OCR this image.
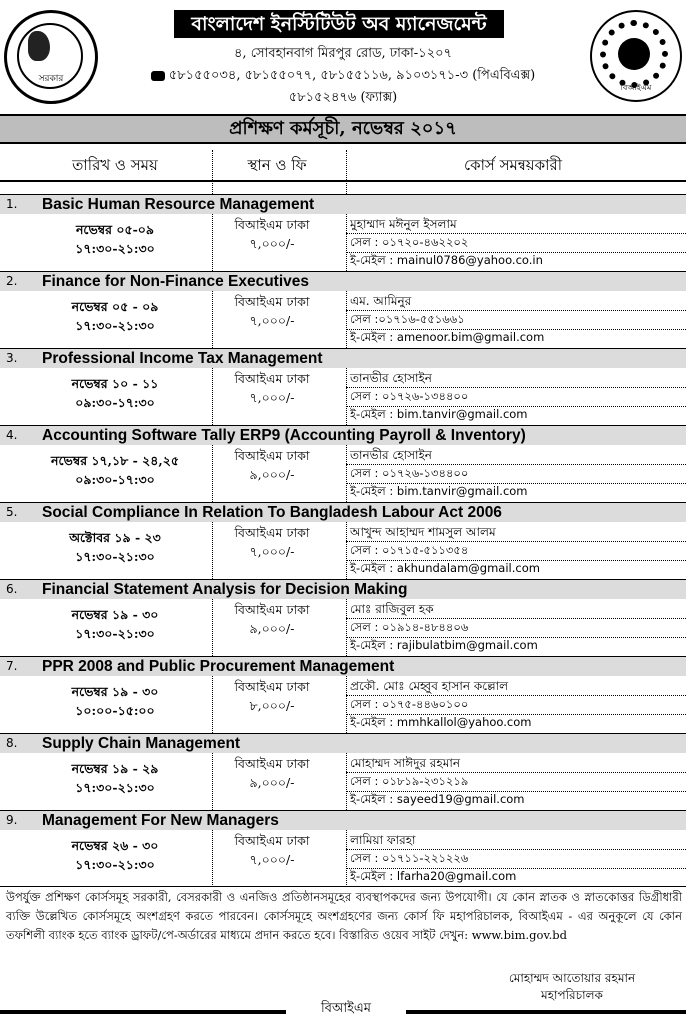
সরকার
বাংলাদেশ ইনস্টিটিউট অব ম্যানেজমেন্ট
৪, সোবহানবাগ মিরপুর রোড, ঢাকা-১২০৭
৫৮১৫৫০৩৪, ৫৮১৫৫০৭৭, ৫৮১৫৫১১৬, ৯১০৩১৭১-৩ (পিএবিএক্স)
৫৮১৫২৪৭৬ (ফ্যাক্স)
বিআইএম
প্রশিক্ষণ কর্মসূচী, নভেম্বর ২০১৭
তারিখ ও সময়	স্থান ও ফি	কোর্স সমন্বয়কারী
1. Basic Human Resource Management
নভেম্বর ০৫-০৯
১৭:৩০-২১:৩০
বিআইএম ঢাকা
৭,০০০/-
মুহাম্মাদ মঈনুল ইসলাম
সেল : ০১৭২০-৪৬২২০২
ই-মেইল : mainul0786@yahoo.co.in
2. Finance for Non-Finance Executives
নভেম্বর ০৫ - ০৯
১৭:৩০-২১:৩০
বিআইএম ঢাকা
৭,০০০/-
এম. আমিনুর
সেল :০১৭১৬-৫৫১৬৬১
ই-মেইল : amenoor.bim@gmail.com
3. Professional Income Tax Management
নভেম্বর ১০ - ১১
০৯:৩০-১৭:৩০
বিআইএম ঢাকা
৭,০০০/-
তানভীর হোসাইন
সেল : ০১৭২৬-১৩৪৪০০
ই-মেইল : bim.tanvir@gmail.com
4. Accounting Software Tally ERP9 (Accounting Payroll & Inventory)
নভেম্বর ১৭,১৮ - ২৪,২৫
০৯:৩০-১৭:৩০
বিআইএম ঢাকা
৯,০০০/-
তানভীর হোসাইন
সেল : ০১৭২৬-১৩৪৪০০
ই-মেইল : bim.tanvir@gmail.com
5. Social Compliance In Relation To Bangladesh Labour Act 2006
অক্টোবর ১৯ - ২৩
১৭:৩০-২১:৩০
বিআইএম ঢাকা
৭,০০০/-
আখুন্দ আহাম্মদ শামসুল আলম
সেল : ০১৭১৫-৫১১৩৫৪
ই-মেইল : akhundalam@gmail.com
6. Financial Statement Analysis for Decision Making
নভেম্বর ১৯ - ৩০
১৭:৩০-২১:৩০
বিআইএম ঢাকা
৯,০০০/-
মোঃ রাজিবুল হক
সেল : ০১৯১৪-৪৮৪৪০৬
ই-মেইল : rajibulatbim@gmail.com
7. PPR 2008 and Public Procurement Management
নভেম্বর ১৯ - ৩০
১০:০০-১৫:০০
বিআইএম ঢাকা
৮,০০০/-
প্রকৌ. মোঃ মেহ্বুব হাসান কল্লোল
সেল : ০১৭৫-৪৪৬০১০০
ই-মেইল : mmhkallol@yahoo.com
8. Supply Chain Management
নভেম্বর ১৯ - ২৯
১৭:৩০-২১:৩০
বিআইএম ঢাকা
৯,০০০/-
মোহাম্মদ সাঈদুর রহমান
সেল : ০১৮১৯-২৩১২১৯
ই-মেইল : sayeed19@gmail.com
9. Management For New Managers
নভেম্বর ২৬ - ৩০
১৭:৩০-২১:৩০
বিআইএম ঢাকা
৭,০০০/-
লামিয়া ফারহা
সেল : ০১৭১১-২২১২২৬
ই-মেইল : lfarha20@gmail.com
উপর্যুক্ত প্রশিক্ষণ কোর্সসমূহ সরকারী, বেসরকারী ও এনজিও প্রতিষ্ঠানসমূহের ব্যবস্থাপকদের জন্য উপযোগী। যে কোন স্নাতক ও স্নাতকোত্তর ডিগ্রীধারী ব্যক্তি উল্লেখিত কোর্সসমূহে অংশগ্রহণ করতে পারবেন। কোর্সসমূহে অংশগ্রহণের জন্য কোর্স ফি মহাপরিচালক, বিআইএম - এর অনুকূলে যে কোন তফশিলী ব্যাংক হতে ব্যাংক ড্রাফট/পে-অর্ডারের মাধ্যমে প্রদান করতে হবে। বিস্তারিত ওয়েব সাইট দেখুন: www.bim.gov.bd
মোহাম্মদ আতোয়ার রহমান
মহাপরিচালক
বিআইএম
